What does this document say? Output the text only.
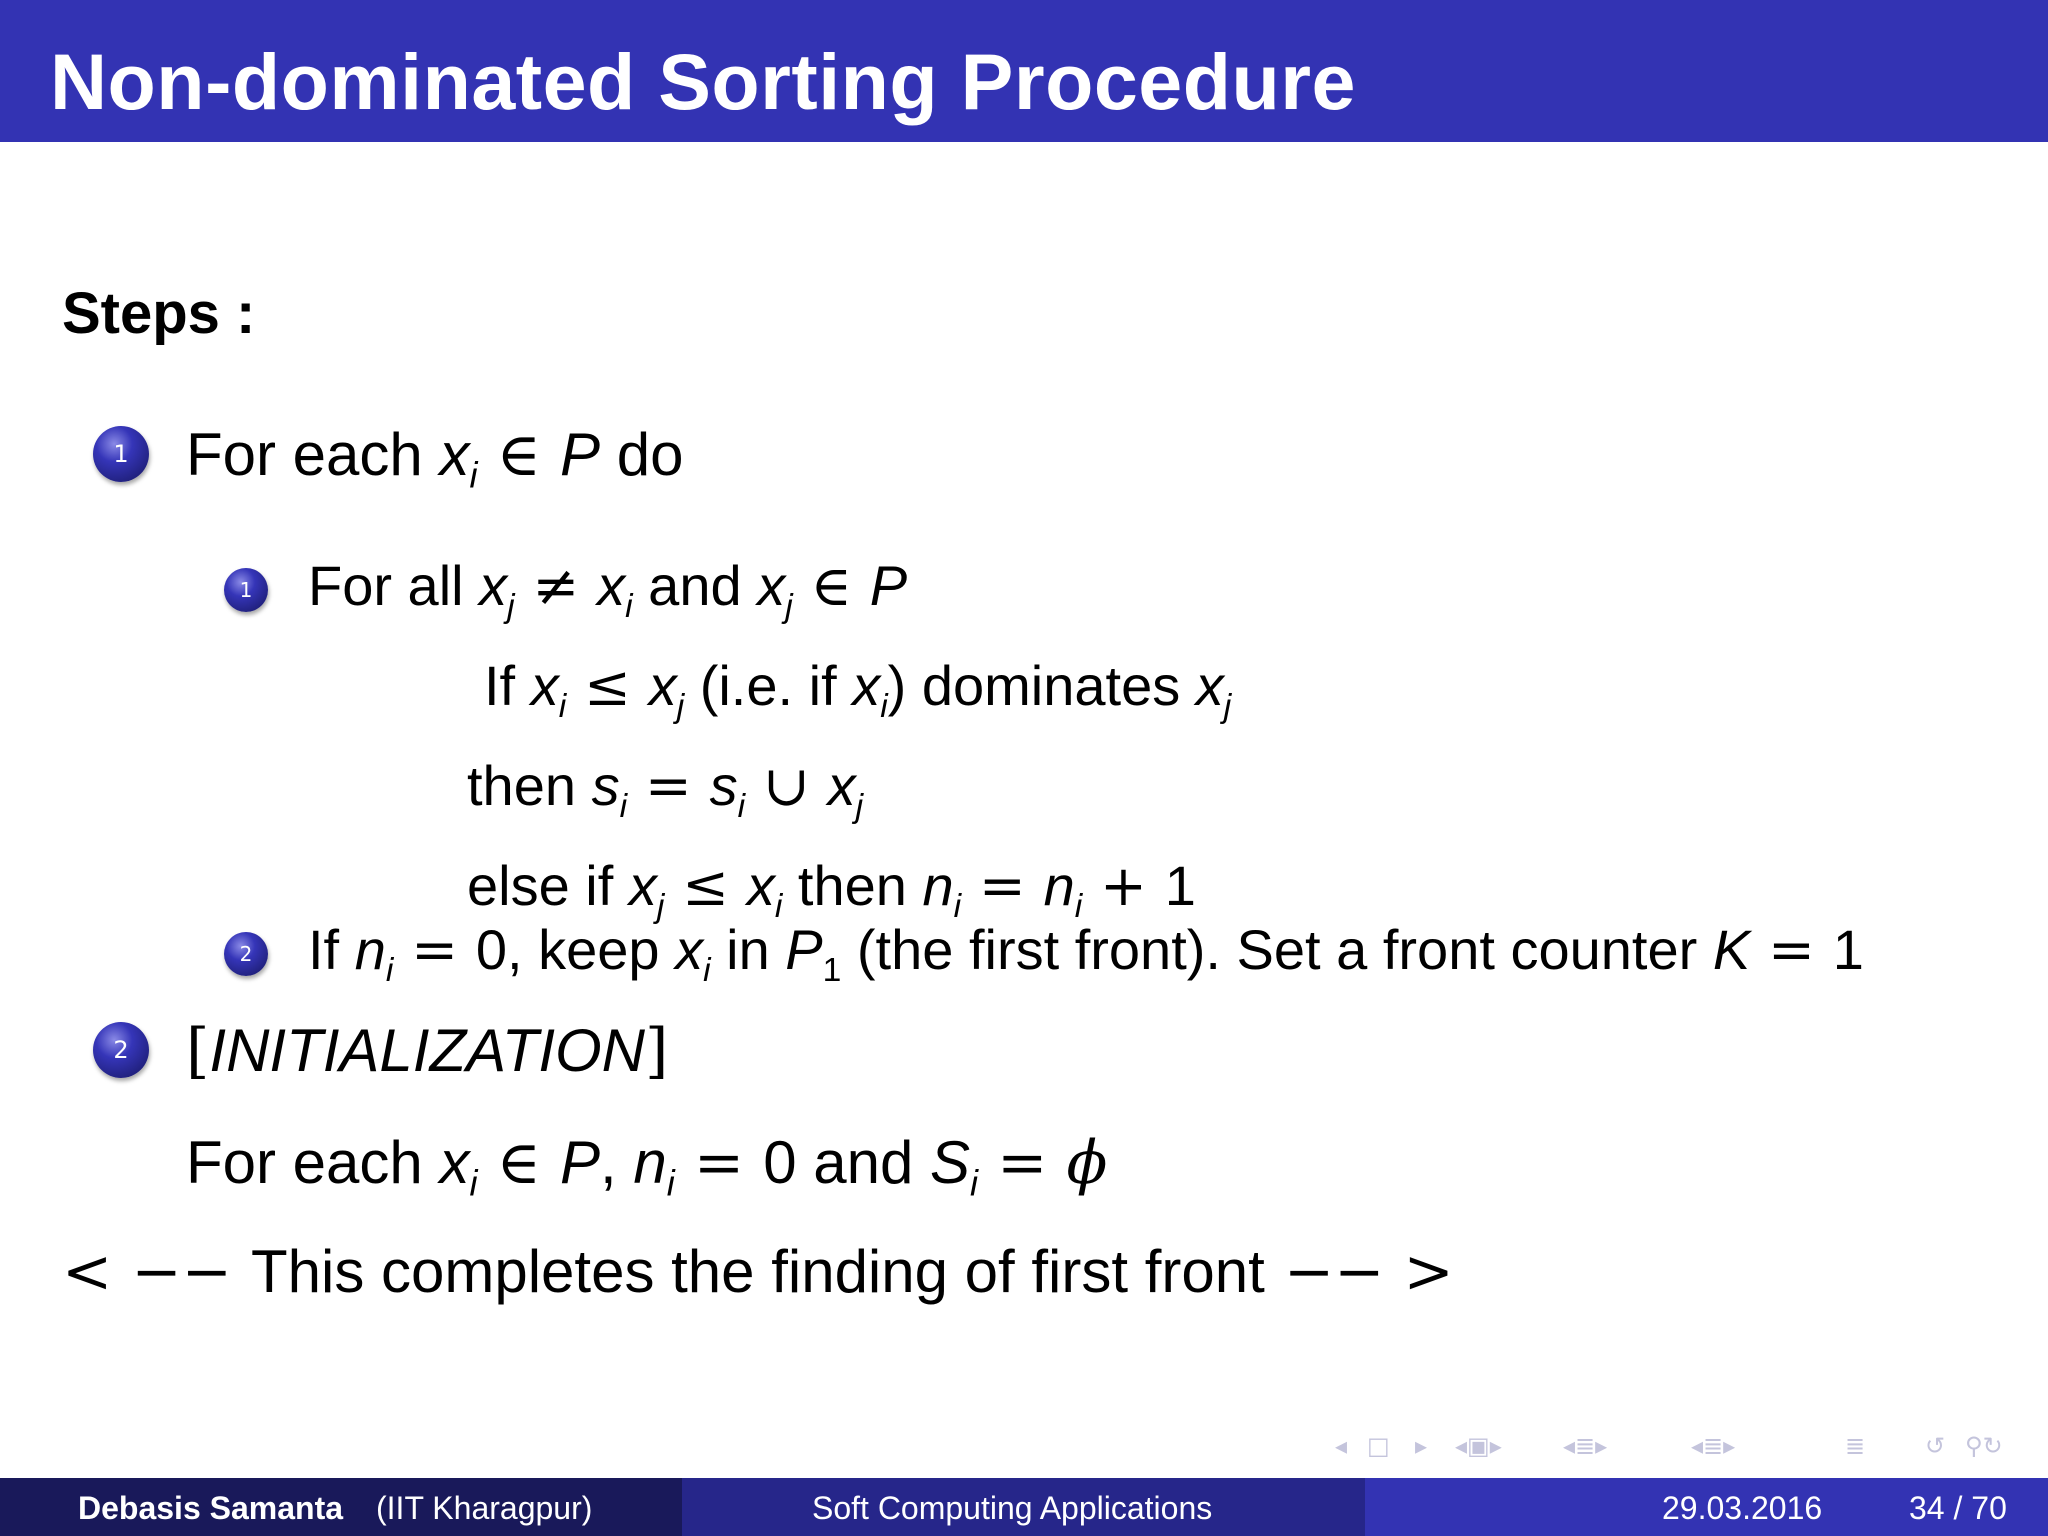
Non-dominated Sorting Procedure
Steps :
1 For each $x_i$ ∈ P do
1 For all $x_j \ne x_i$ and $x_j$ ∈ P
If $x_i \le x_j$ (i.e. if $x_i$) dominates $x_j$
then $s_i = s_i$ ∪ $x_j$
else if $x_j \le x_i$ then $n_i = n_i + 1$
2 If $n_i = 0$, keep $x_i$ in $P_1$ (the first front). Set a front counter K = 1
2 [INITIALIZATION]
For each $x_i$ ∈ P, $n_i = 0$ and $S_i = \phi$
< −− This completes the finding of first front −− >
◂ □ ▸ ◂▣▸	◂≣▸	◂≣▸	≣ ↺ ⚲↻
Debasis Samanta (IIT Kharagpur)	Soft Computing Applications	29.03.2016	34 / 70
